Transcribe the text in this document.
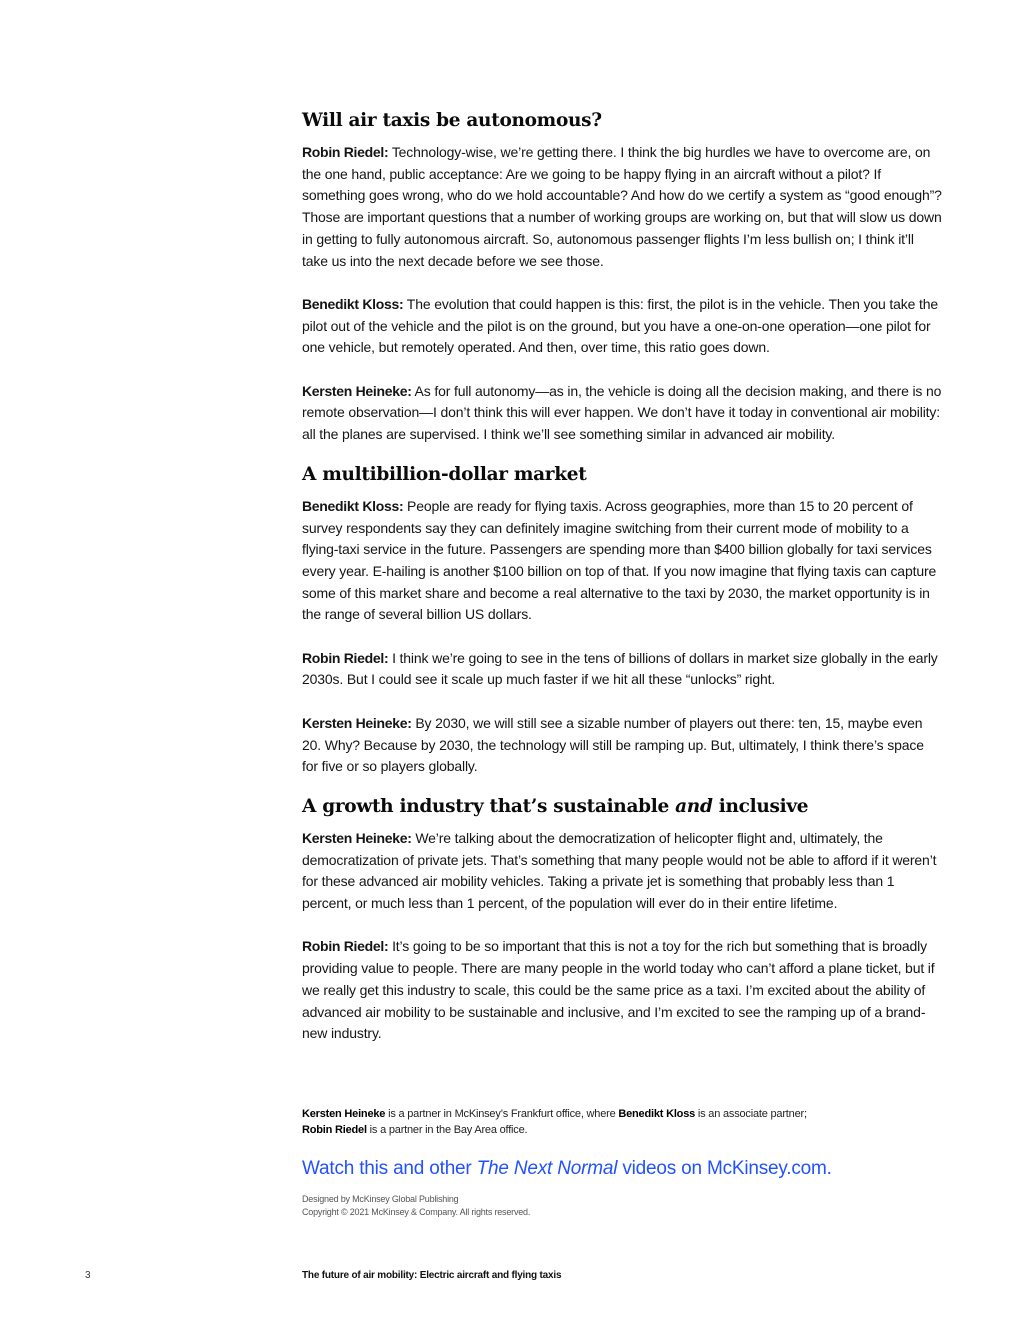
Will air taxis be autonomous?

Robin Riedel: Technology-wise, we’re getting there. I think the big hurdles we have to overcome are, on the one hand, public acceptance: Are we going to be happy flying in an aircraft without a pilot? If something goes wrong, who do we hold accountable? And how do we certify a system as “good enough”? Those are important questions that a number of working groups are working on, but that will slow us down in getting to fully autonomous aircraft. So, autonomous passenger flights I’m less bullish on; I think it’ll take us into the next decade before we see those.

Benedikt Kloss: The evolution that could happen is this: first, the pilot is in the vehicle. Then you take the pilot out of the vehicle and the pilot is on the ground, but you have a one-on-one operation—one pilot for one vehicle, but remotely operated. And then, over time, this ratio goes down.

Kersten Heineke: As for full autonomy—as in, the vehicle is doing all the decision making, and there is no remote observation—I don’t think this will ever happen. We don’t have it today in conventional air mobility: all the planes are supervised. I think we’ll see something similar in advanced air mobility.

A multibillion-dollar market

Benedikt Kloss: People are ready for flying taxis. Across geographies, more than 15 to 20 percent of survey respondents say they can definitely imagine switching from their current mode of mobility to a flying-taxi service in the future. Passengers are spending more than $400 billion globally for taxi services every year. E-hailing is another $100 billion on top of that. If you now imagine that flying taxis can capture some of this market share and become a real alternative to the taxi by 2030, the market opportunity is in the range of several billion US dollars.

Robin Riedel: I think we’re going to see in the tens of billions of dollars in market size globally in the early 2030s. But I could see it scale up much faster if we hit all these “unlocks” right.

Kersten Heineke: By 2030, we will still see a sizable number of players out there: ten, 15, maybe even 20. Why? Because by 2030, the technology will still be ramping up. But, ultimately, I think there’s space for five or so players globally.

A growth industry that’s sustainable and inclusive

Kersten Heineke: We’re talking about the democratization of helicopter flight and, ultimately, the democratization of private jets. That’s something that many people would not be able to afford if it weren’t for these advanced air mobility vehicles. Taking a private jet is something that probably less than 1 percent, or much less than 1 percent, of the population will ever do in their entire lifetime.

Robin Riedel: It’s going to be so important that this is not a toy for the rich but something that is broadly providing value to people. There are many people in the world today who can’t afford a plane ticket, but if we really get this industry to scale, this could be the same price as a taxi. I’m excited about the ability of advanced air mobility to be sustainable and inclusive, and I’m excited to see the ramping up of a brand-new industry.

Kersten Heineke is a partner in McKinsey’s Frankfurt office, where Benedikt Kloss is an associate partner;
Robin Riedel is a partner in the Bay Area office.
Watch this and other The Next Normal videos on McKinsey.com.
Designed by McKinsey Global Publishing
Copyright © 2021 McKinsey & Company. All rights reserved.
3	The future of air mobility: Electric aircraft and flying taxis
